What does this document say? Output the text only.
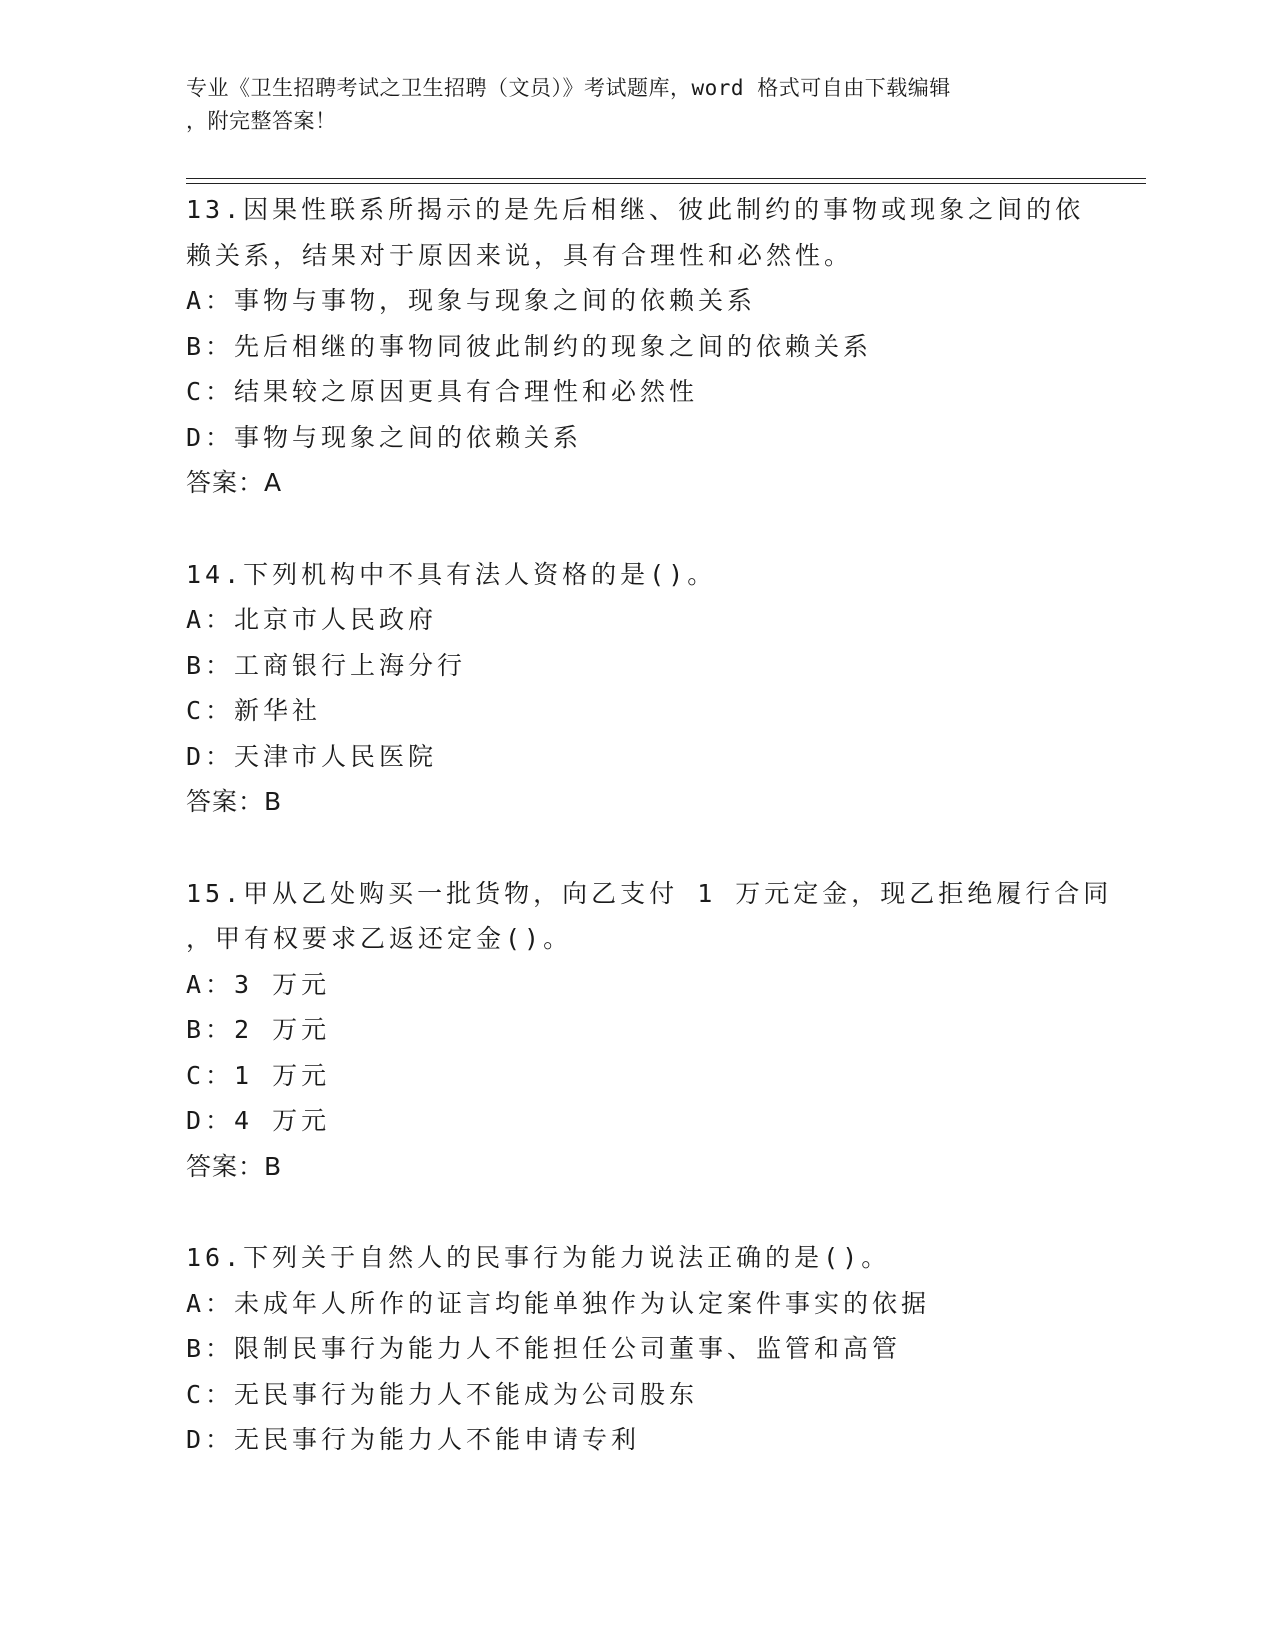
专业《卫生招聘考试之卫生招聘（文员）》考试题库，word 格式可自由下载编辑
，附完整答案！
13.因果性联系所揭示的是先后相继、彼此制约的事物或现象之间的依
赖关系，结果对于原因来说，具有合理性和必然性。
A：事物与事物，现象与现象之间的依赖关系
B：先后相继的事物同彼此制约的现象之间的依赖关系
C：结果较之原因更具有合理性和必然性
D：事物与现象之间的依赖关系
答案：A
14.下列机构中不具有法人资格的是()。
A：北京市人民政府
B：工商银行上海分行
C：新华社
D：天津市人民医院
答案：B
15.甲从乙处购买一批货物，向乙支付 1 万元定金，现乙拒绝履行合同
，甲有权要求乙返还定金()。
A：3 万元
B：2 万元
C：1 万元
D：4 万元
答案：B
16.下列关于自然人的民事行为能力说法正确的是()。
A：未成年人所作的证言均能单独作为认定案件事实的依据
B：限制民事行为能力人不能担任公司董事、监管和高管
C：无民事行为能力人不能成为公司股东
D：无民事行为能力人不能申请专利
